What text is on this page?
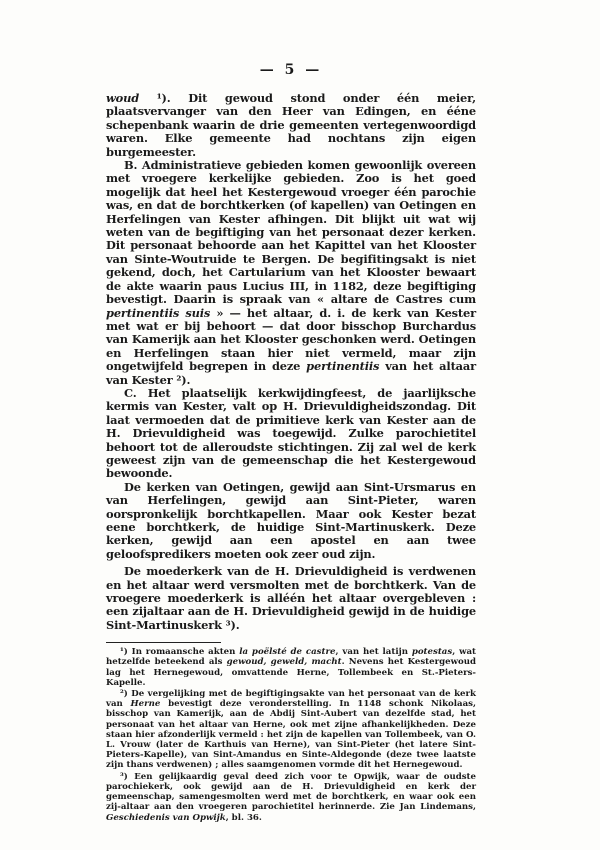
— 5 —

woud ¹). Dit gewoud stond onder één meier, plaatsvervanger van den Heer van Edingen, en ééne schepenbank waarin de drie gemeenten vertegenwoordigd waren. Elke gemeente had nochtans zijn eigen burgemeester.

B. Administratieve gebieden komen gewoonlijk overeen met vroegere kerkelijke gebieden. Zoo is het goed mogelijk dat heel het Kestergewoud vroeger één parochie was, en dat de borchtkerken (of kapellen) van Oetingen en Herfelingen van Kester afhingen. Dit blijkt uit wat wij weten van de begiftiging van het personaat dezer kerken. Dit personaat behoorde aan het Kapittel van het Klooster van Sinte-Woutruide te Bergen. De begifitingsakt is niet gekend, doch, het Cartularium van het Klooster bewaart de akte waarin paus Lucius III, in 1182, deze begiftiging bevestigt. Daarin is spraak van « altare de Castres cum pertinentiis suis » — het altaar, d. i. de kerk van Kester met wat er bij behoort — dat door bisschop Burchardus van Kamerijk aan het Klooster geschonken werd. Oetingen en Herfelingen staan hier niet vermeld, maar zijn ongetwijfeld begrepen in deze pertinentiis van het altaar van Kester ²).

C. Het plaatselijk kerkwijdingfeest, de jaarlijksche kermis van Kester, valt op H. Drievuldigheidszondag. Dit laat vermoeden dat de primitieve kerk van Kester aan de H. Drievuldigheid was toegewijd. Zulke parochietitel behoort tot de alleroudste stichtingen. Zij zal wel de kerk geweest zijn van de gemeenschap die het Kestergewoud bewoonde.

De kerken van Oetingen, gewijd aan Sint-Ursmarus en van Herfelingen, gewijd aan Sint-Pieter, waren oorspronkelijk borchtkapellen. Maar ook Kester bezat eene borchtkerk, de huidige Sint-Martinuskerk. Deze kerken, gewijd aan een apostel en aan twee geloofspredikers moeten ook zeer oud zijn.

De moederkerk van de H. Drievuldigheid is verdwenen en het altaar werd versmolten met de borchtkerk. Van de vroegere moederkerk is alléén het altaar overgebleven : een zijaltaar aan de H. Drievuldigheid gewijd in de huidige Sint-Martinuskerk ³).

¹) In romaansche akten la poëlsté de castre, van het latijn potestas, wat hetzelfde beteekend als gewoud, geweld, macht. Nevens het Kestergewoud lag het Hernegewoud, omvattende Herne, Tollembeek en St.-Pieters-Kapelle.

²) De vergelijking met de begiftigingsakte van het personaat van de kerk van Herne bevestigt deze veronderstelling. In 1148 schonk Nikolaas, bisschop van Kamerijk, aan de Abdij Sint-Aubert van dezelfde stad, het personaat van het altaar van Herne, ook met zijne afhankelijkheden. Deze staan hier afzonderlijk vermeld : het zijn de kapellen van Tollembeek, van O. L. Vrouw (later de Karthuis van Herne), van Sint-Pieter (het latere Sint-Pieters-Kapelle), van Sint-Amandus en Sinte-Aldegonde (deze twee laatste zijn thans verdwenen) ; alles saamgenomen vormde dit het Hernegewoud.

³) Een gelijkaardig geval deed zich voor te Opwijk, waar de oudste parochiekerk, ook gewijd aan de H. Drievuldigheid en kerk der gemeenschap, samengesmolten werd met de borchtkerk, en waar ook een zij-altaar aan den vroegeren parochietitel herinnerde. Zie Jan Lindemans, Geschiedenis van Opwijk, bl. 36.
